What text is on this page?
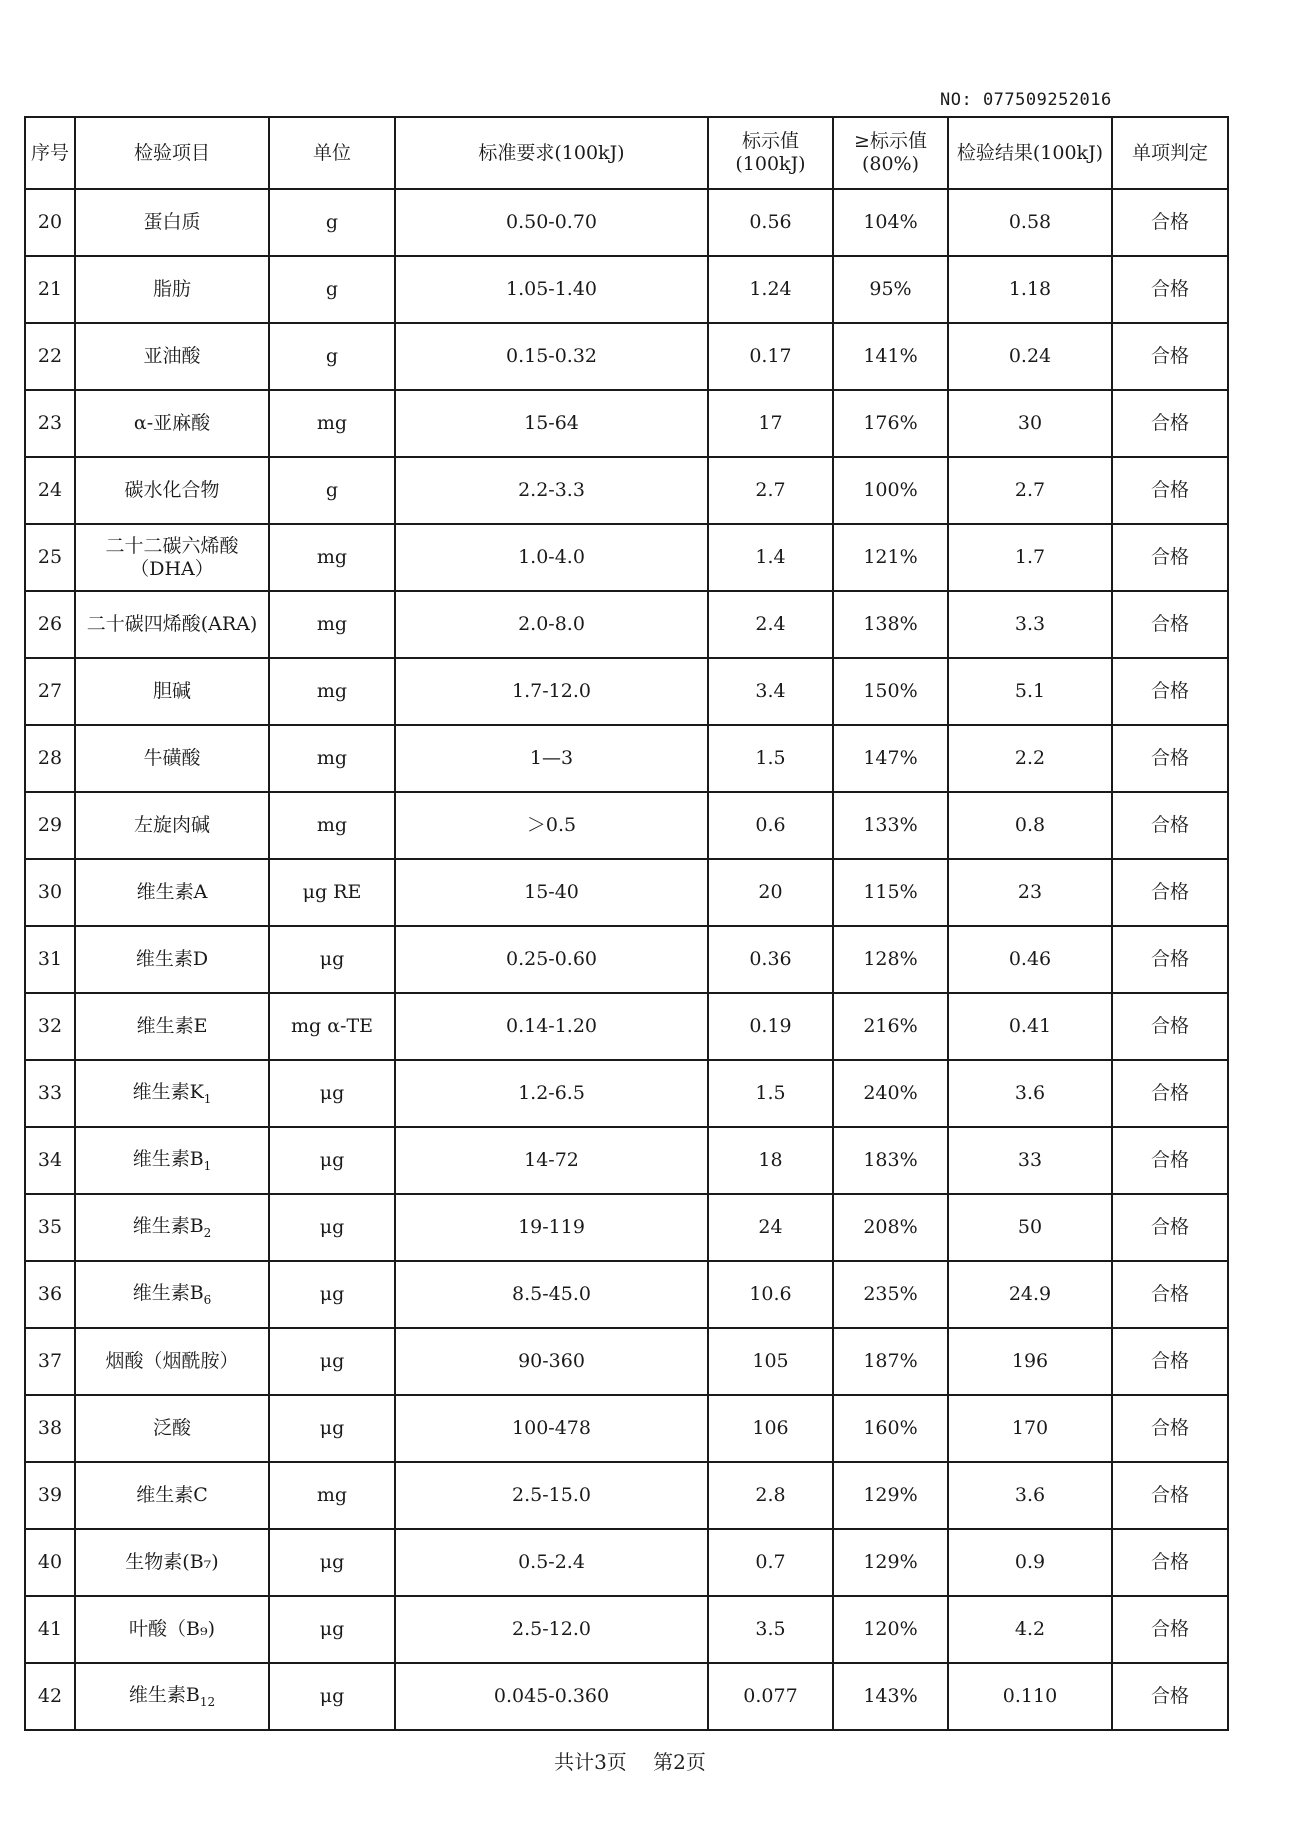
NO: 077509252016
序号	检验项目	单位	标准要求(100kJ)	标示值(100kJ)	≥标示值(80%)	检验结果(100kJ)	单项判定
20	蛋白质	g	0.50-0.70	0.56	104%	0.58	合格
21	脂肪	g	1.05-1.40	1.24	95%	1.18	合格
22	亚油酸	g	0.15-0.32	0.17	141%	0.24	合格
23	α-亚麻酸	mg	15-64	17	176%	30	合格
24	碳水化合物	g	2.2-3.3	2.7	100%	2.7	合格
25	二十二碳六烯酸（DHA）	mg	1.0-4.0	1.4	121%	1.7	合格
26	二十碳四烯酸(ARA)	mg	2.0-8.0	2.4	138%	3.3	合格
27	胆碱	mg	1.7-12.0	3.4	150%	5.1	合格
28	牛磺酸	mg	1—3	1.5	147%	2.2	合格
29	左旋肉碱	mg	＞0.5	0.6	133%	0.8	合格
30	维生素A	μg RE	15-40	20	115%	23	合格
31	维生素D	μg	0.25-0.60	0.36	128%	0.46	合格
32	维生素E	mg α-TE	0.14-1.20	0.19	216%	0.41	合格
33	维生素$K_1$	μg	1.2-6.5	1.5	240%	3.6	合格
34	维生素$B_1$	μg	14-72	18	183%	33	合格
35	维生素$B_2$	μg	19-119	24	208%	50	合格
36	维生素$B_6$	μg	8.5-45.0	10.6	235%	24.9	合格
37	烟酸（烟酰胺）	μg	90-360	105	187%	196	合格
38	泛酸	μg	100-478	106	160%	170	合格
39	维生素C	mg	2.5-15.0	2.8	129%	3.6	合格
40	生物素(B₇)	μg	0.5-2.4	0.7	129%	0.9	合格
41	叶酸（B₉)	μg	2.5-12.0	3.5	120%	4.2	合格
42	维生素$B_{12}$	μg	0.045-0.360	0.077	143%	0.110	合格
共计3页 第2页
